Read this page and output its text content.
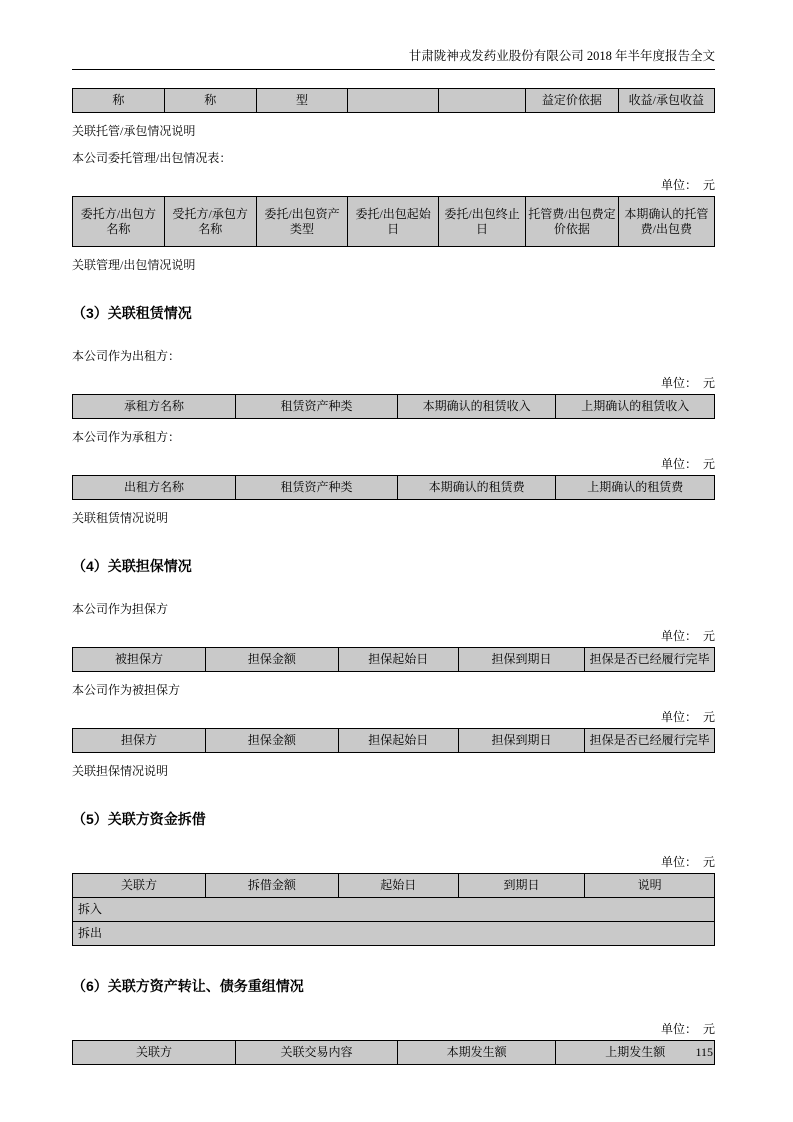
甘肃陇神戎发药业股份有限公司 2018 年半年度报告全文
称	称	型			益定价依据	收益/承包收益

关联托管/承包情况说明

本公司委托管理/出包情况表：

单位：　元
委托方/出包方名称	受托方/承包方名称	委托/出包资产类型	委托/出包起始日	委托/出包终止日	托管费/出包费定价依据	本期确认的托管费/出包费

关联管理/出包情况说明

（3）关联租赁情况

本公司作为出租方：

单位：　元
承租方名称	租赁资产种类	本期确认的租赁收入	上期确认的租赁收入

本公司作为承租方：

单位：　元
出租方名称	租赁资产种类	本期确认的租赁费	上期确认的租赁费

关联租赁情况说明

（4）关联担保情况

本公司作为担保方

单位：　元
被担保方	担保金额	担保起始日	担保到期日	担保是否已经履行完毕

本公司作为被担保方

单位：　元
担保方	担保金额	担保起始日	担保到期日	担保是否已经履行完毕

关联担保情况说明

（5）关联方资金拆借
单位：　元
关联方	拆借金额	起始日	到期日	说明
拆入
拆出
（6）关联方资产转让、债务重组情况
单位：　元
关联方	关联交易内容	本期发生额	上期发生额	115
